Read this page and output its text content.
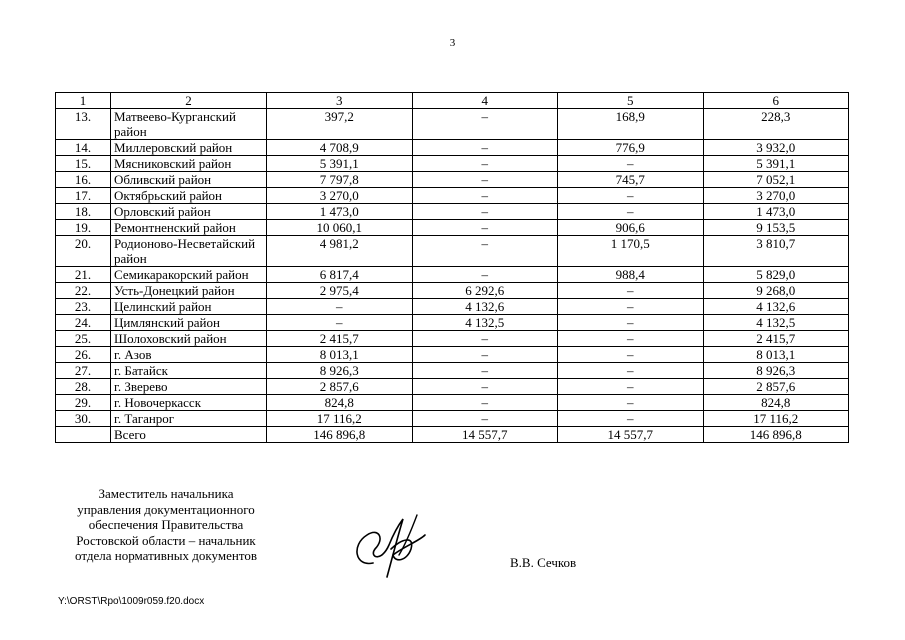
3
1	2	3	4	5	6
13.	Матвеево-Курганский район	397,2	–	168,9	228,3
14.	Миллеровский район	4 708,9	–	776,9	3 932,0
15.	Мясниковский район	5 391,1	–	–	5 391,1
16.	Обливский район	7 797,8	–	745,7	7 052,1
17.	Октябрьский район	3 270,0	–	–	3 270,0
18.	Орловский район	1 473,0	–	–	1 473,0
19.	Ремонтненский район	10 060,1	–	906,6	9 153,5
20.	Родионово-Несветайский район	4 981,2	–	1 170,5	3 810,7
21.	Семикаракорский район	6 817,4	–	988,4	5 829,0
22.	Усть-Донецкий район	2 975,4	6 292,6	–	9 268,0
23.	Целинский район	–	4 132,6	–	4 132,6
24.	Цимлянский район	–	4 132,5	–	4 132,5
25.	Шолоховский район	2 415,7	–	–	2 415,7
26.	г. Азов	8 013,1	–	–	8 013,1
27.	г. Батайск	8 926,3	–	–	8 926,3
28.	г. Зверево	2 857,6	–	–	2 857,6
29.	г. Новочеркасск	824,8	–	–	824,8
30.	г. Таганрог	17 116,2	–	–	17 116,2
	Всего	146 896,8	14 557,7	14 557,7	146 896,8
Заместитель начальника
управления документационного
обеспечения Правительства
Ростовской области – начальник
отдела нормативных документов	В.В. Сечков
Y:\ORST\Rpo\1009r059.f20.docx
